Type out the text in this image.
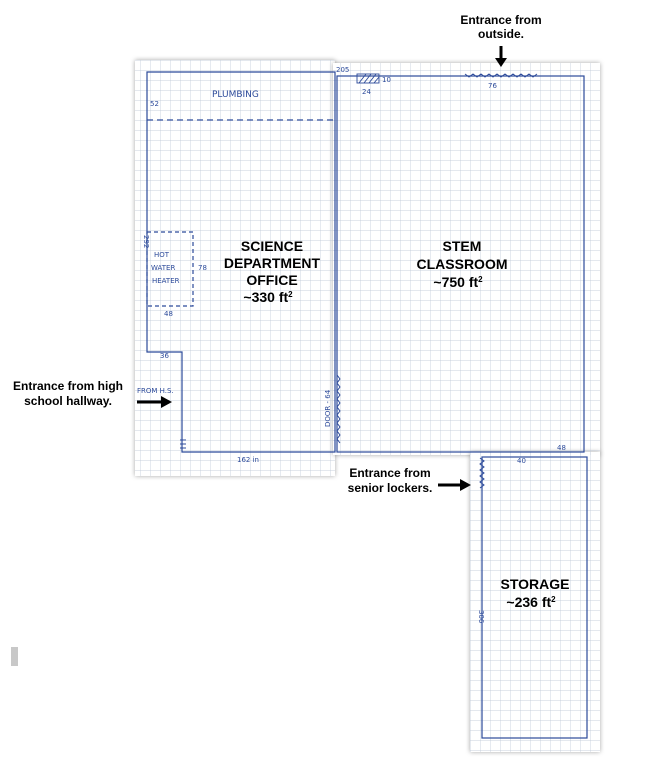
PLUMBING
HOT
WATER
HEATER
FROM H.S.	DOOR - 64
52
292
78
48
162 in
24
10
76
205
40
306
48
36
SCIENCE
DEPARTMENT
OFFICE
~330 $ft^2$
STEM
CLASSROOM
~750 $ft^2$
STORAGE
~236 $ft^2$
Entrance from
outside.
Entrance from high
school hallway.
Entrance from
senior lockers.
